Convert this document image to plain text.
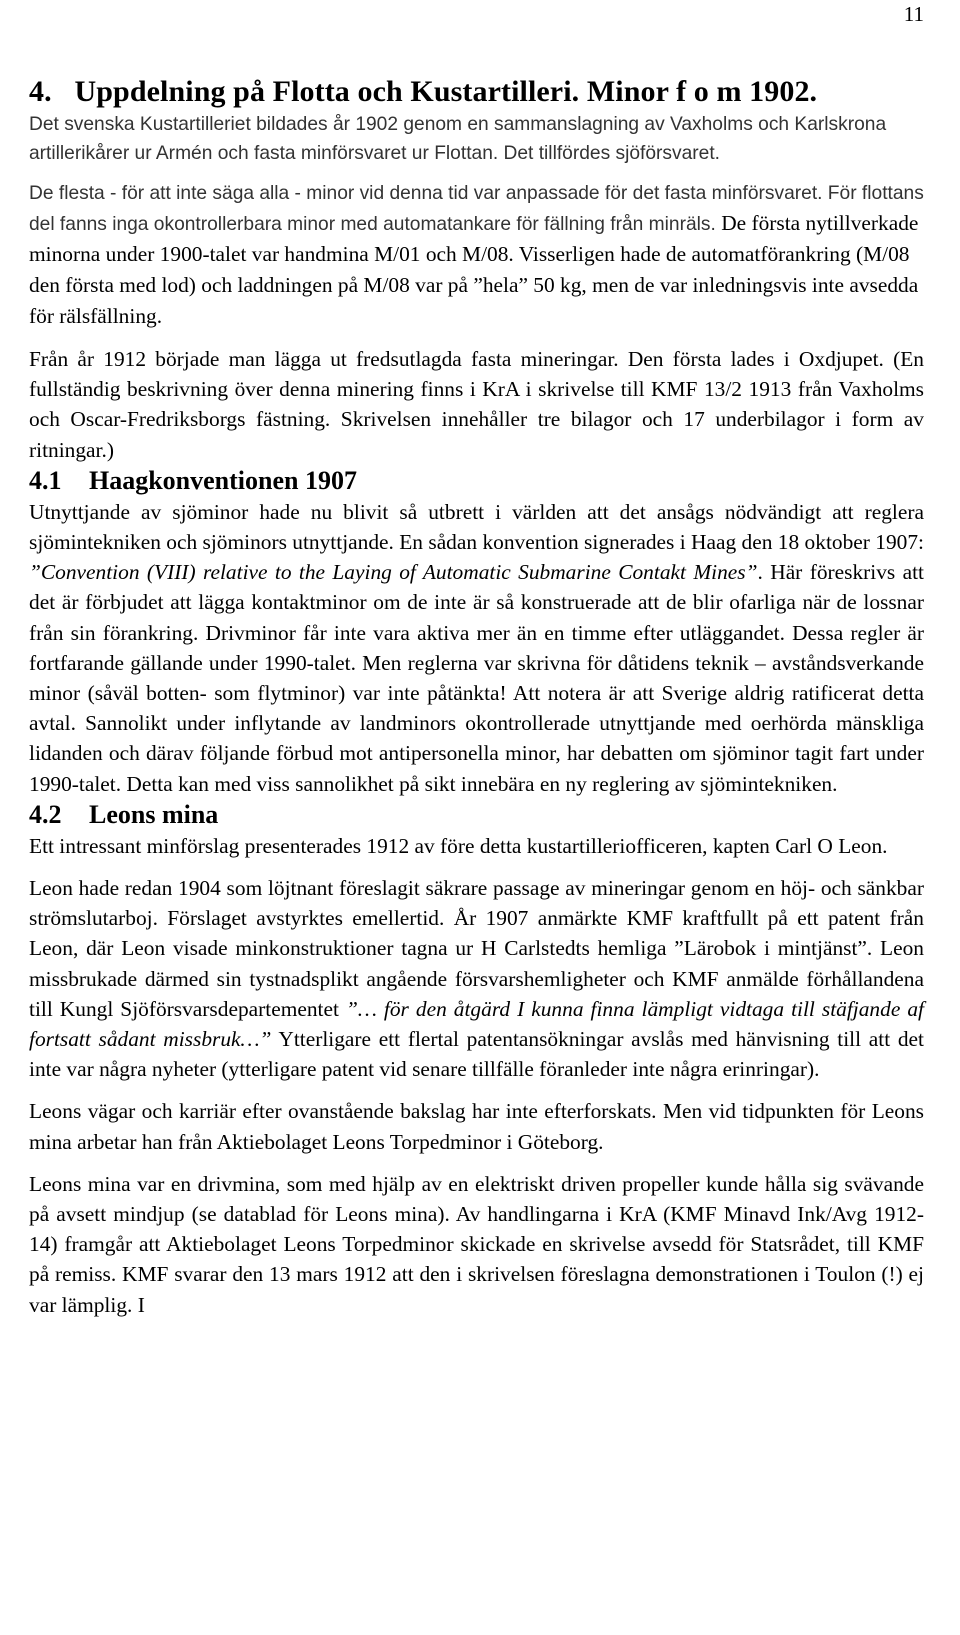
11
4.   Uppdelning på Flotta och Kustartilleri. Minor f o m 1902.

Det svenska Kustartilleriet bildades år 1902 genom en sammanslagning av Vaxholms och Karlskrona artillerikårer ur Armén och fasta minförsvaret ur Flottan. Det tillfördes sjöförsvaret.

De flesta - för att inte säga alla - minor vid denna tid var anpassade för det fasta minförsvaret. För flottans del fanns inga okontrollerbara minor med automatankare för fällning från minräls. De första nytillverkade minorna under 1900-talet var handmina M/01 och M/08. Visserligen hade de automatförankring (M/08 den första med lod) och laddningen på M/08 var på ”hela” 50 kg, men de var inledningsvis inte avsedda för rälsfällning.

Från år 1912 började man lägga ut fredsutlagda fasta mineringar. Den första lades i Oxdjupet. (En fullständig beskrivning över denna minering finns i KrA i skrivelse till KMF 13/2 1913 från Vaxholms och Oscar-Fredriksborgs fästning. Skrivelsen innehåller tre bilagor och 17 underbilagor i form av ritningar.)

4.1 Haagkonventionen 1907

Utnyttjande av sjöminor hade nu blivit så utbrett i världen att det ansågs nödvändigt att reglera sjömintekniken och sjöminors utnyttjande. En sådan konvention signerades i Haag den 18 oktober 1907: ”Convention (VIII) relative to the Laying of Automatic Submarine Contakt Mines”. Här föreskrivs att det är förbjudet att lägga kontaktminor om de inte är så konstruerade att de blir ofarliga när de lossnar från sin förankring. Drivminor får inte vara aktiva mer än en timme efter utläggandet. Dessa regler är fortfarande gällande under 1990-talet. Men reglerna var skrivna för dåtidens teknik – avståndsverkande minor (såväl botten- som flytminor) var inte påtänkta! Att notera är att Sverige aldrig ratificerat detta avtal. Sannolikt under inflytande av landminors okontrollerade utnyttjande med oerhörda mänskliga lidanden och därav följande förbud mot antipersonella minor, har debatten om sjöminor tagit fart under 1990-talet. Detta kan med viss sannolikhet på sikt innebära en ny reglering av sjömintekniken.

4.2 Leons mina

Ett intressant minförslag presenterades 1912 av före detta kustartilleriofficeren, kapten Carl O Leon.

Leon hade redan 1904 som löjtnant föreslagit säkrare passage av mineringar genom en höj- och sänkbar strömslutarboj. Förslaget avstyrktes emellertid. År 1907 anmärkte KMF kraftfullt på ett patent från Leon, där Leon visade minkonstruktioner tagna ur H Carlstedts hemliga ”Lärobok i mintjänst”. Leon missbrukade därmed sin tystnadsplikt angående försvarshemligheter och KMF anmälde förhållandena till Kungl Sjöförsvarsdepartementet ”… för den åtgärd I kunna finna lämpligt vidtaga till stäfjande af fortsatt sådant missbruk…” Ytterligare ett flertal patentansökningar avslås med hänvisning till att det inte var några nyheter (ytterligare patent vid senare tillfälle föranleder inte några erinringar).

Leons vägar och karriär efter ovanstående bakslag har inte efterforskats. Men vid tidpunkten för Leons mina arbetar han från Aktiebolaget Leons Torpedminor i Göteborg.

Leons mina var en drivmina, som med hjälp av en elektriskt driven propeller kunde hålla sig svävande på avsett mindjup (se datablad för Leons mina). Av handlingarna i KrA (KMF Minavd Ink/Avg 1912-14) framgår att Aktiebolaget Leons Torpedminor skickade en skrivelse avsedd för Statsrådet, till KMF på remiss. KMF svarar den 13 mars 1912 att den i skrivelsen föreslagna demonstrationen i Toulon (!) ej var lämplig. I
